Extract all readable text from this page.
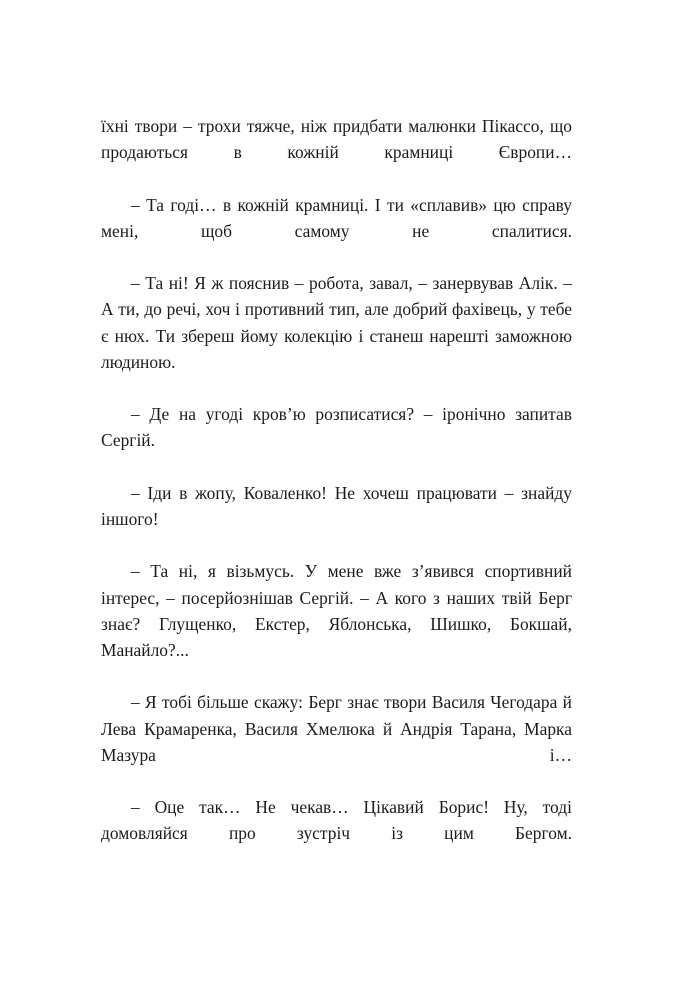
їхні твори – трохи тяжче, ніж придбати малюнки Пікассо, що продаються в кожній крамниці Європи…

– Та годі… в кожній крамниці. І ти «сплавив» цю справу мені, щоб самому не спалитися.

– Та ні! Я ж пояснив – робота, завал, – занервував Алік. – А ти, до речі, хоч і противний тип, але добрий фахівець, у тебе є нюх. Ти збереш йому колекцію і станеш нарешті заможною людиною.

– Де на угоді кров’ю розписатися? – іронічно запитав Сергій.

– Іди в жопу, Коваленко! Не хочеш працювати – знайду іншого!

– Та ні, я візьмусь. У мене вже з’явився спортивний інтерес, – посерйознішав Сергій. – А кого з наших твій Берг знає? Глущенко, Екстер, Яблонська, Шишко, Бокшай, Манайло?...

– Я тобі більше скажу: Берг знає твори Василя Чегодара й Лева Крамаренка, Василя Хмелюка й Андрія Тарана, Марка Мазура і…

– Оце так… Не чекав… Цікавий Борис! Ну, тоді домовляйся про зустріч із цим Бергом.
